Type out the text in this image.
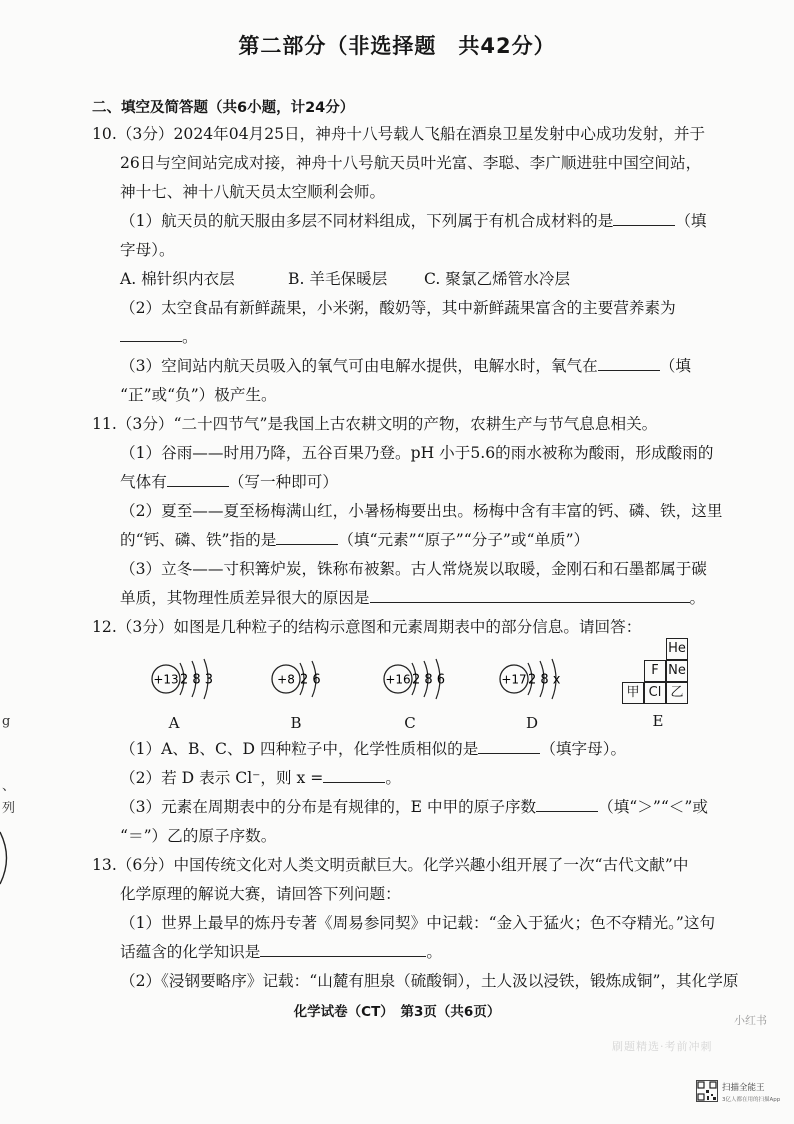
第二部分（非选择题　共42分）
二、填空及简答题（共6小题，计24分）
10.（3分）2024年04月25日，神舟十八号载人飞船在酒泉卫星发射中心成功发射，并于
26日与空间站完成对接，神舟十八号航天员叶光富、李聪、李广顺进驻中国空间站，
神十七、神十八航天员太空顺利会师。
（1）航天员的航天服由多层不同材料组成，下列属于有机合成材料的是	（填
字母）。
A. 棉针织内衣层	B. 羊毛保暖层 C. 聚氯乙烯管水冷层
（2）太空食品有新鲜蔬果，小米粥，酸奶等，其中新鲜蔬果富含的主要营养素为
。
（3）空间站内航天员吸入的氧气可由电解水提供，电解水时，氧气在	（填
“正”或“负”）极产生。
11.（3分）“二十四节气”是我国上古农耕文明的产物，农耕生产与节气息息相关。
（1）谷雨——时用乃降，五谷百果乃登。pH 小于5.6的雨水被称为酸雨，形成酸雨的
气体有	（写一种即可）
（2）夏至——夏至杨梅满山红，小暑杨梅要出虫。杨梅中含有丰富的钙、磷、铁，这里
的“钙、磷、铁”指的是	（填“元素”“原子”“分子”或“单质”）
（3）立冬——寸积篝炉炭，铢称布被絮。古人常烧炭以取暖，金刚石和石墨都属于碳
单质，其物理性质差异很大的原因是	。
12.（3分）如图是几种粒子的结构示意图和元素周期表中的部分信息。请回答：
+13 2 8 3
A
+8 2 6
B
+16 2 8 6
C
+17 2 8 x
D
He
F Ne
甲 Cl 乙
E
（1）A、B、C、D 四种粒子中，化学性质相似的是	（填字母）。
（2）若 D 表示 Cl⁻，则 x =	。
（3）元素在周期表中的分布是有规律的，E 中甲的原子序数	（填“＞”“＜”或
“＝”）乙的原子序数。
13.（6分）中国传统文化对人类文明贡献巨大。化学兴趣小组开展了一次“古代文献”中
化学原理的解说大赛，请回答下列问题：
（1）世界上最早的炼丹专著《周易参同契》中记载：“金入于猛火；色不夺精光。”这句
话蕴含的化学知识是	。
（2）《浸钢要略序》记载：“山麓有胆泉（硫酸铜），土人汲以浸铁，锻炼成铜”，其化学原
g
、
列
化学试卷（CT）　第3页（共6页）
小红书
刷题精选·考前冲刺
扫描全能王
3亿人都在用的扫描App
